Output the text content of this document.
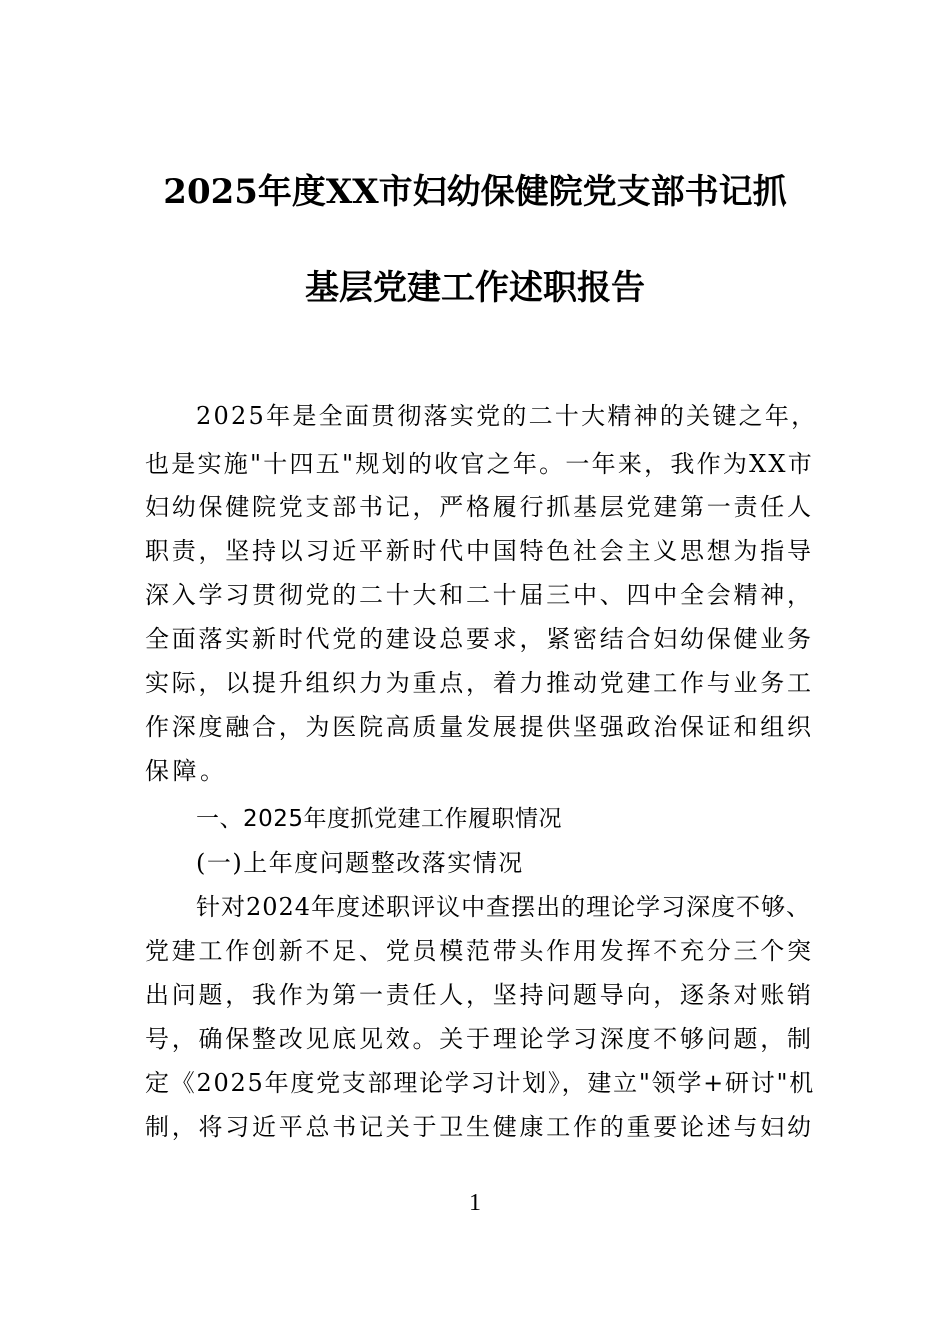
2025年度XX市妇幼保健院党支部书记抓
基层党建工作述职报告
2025年是全面贯彻落实党的二十大精神的关键之年，
也是实施"十四五"规划的收官之年。一年来，我作为XX市
妇幼保健院党支部书记，严格履行抓基层党建第一责任人
职责，坚持以习近平新时代中国特色社会主义思想为指导
深入学习贯彻党的二十大和二十届三中、四中全会精神，
全面落实新时代党的建设总要求，紧密结合妇幼保健业务
实际，以提升组织力为重点，着力推动党建工作与业务工
作深度融合，为医院高质量发展提供坚强政治保证和组织
保障。
一、2025年度抓党建工作履职情况
(一)上年度问题整改落实情况
针对2024年度述职评议中查摆出的理论学习深度不够、
党建工作创新不足、党员模范带头作用发挥不充分三个突
出问题，我作为第一责任人，坚持问题导向，逐条对账销
号，确保整改见底见效。关于理论学习深度不够问题，制
定《2025年度党支部理论学习计划》，建立"领学+研讨"机
制，将习近平总书记关于卫生健康工作的重要论述与妇幼
1
